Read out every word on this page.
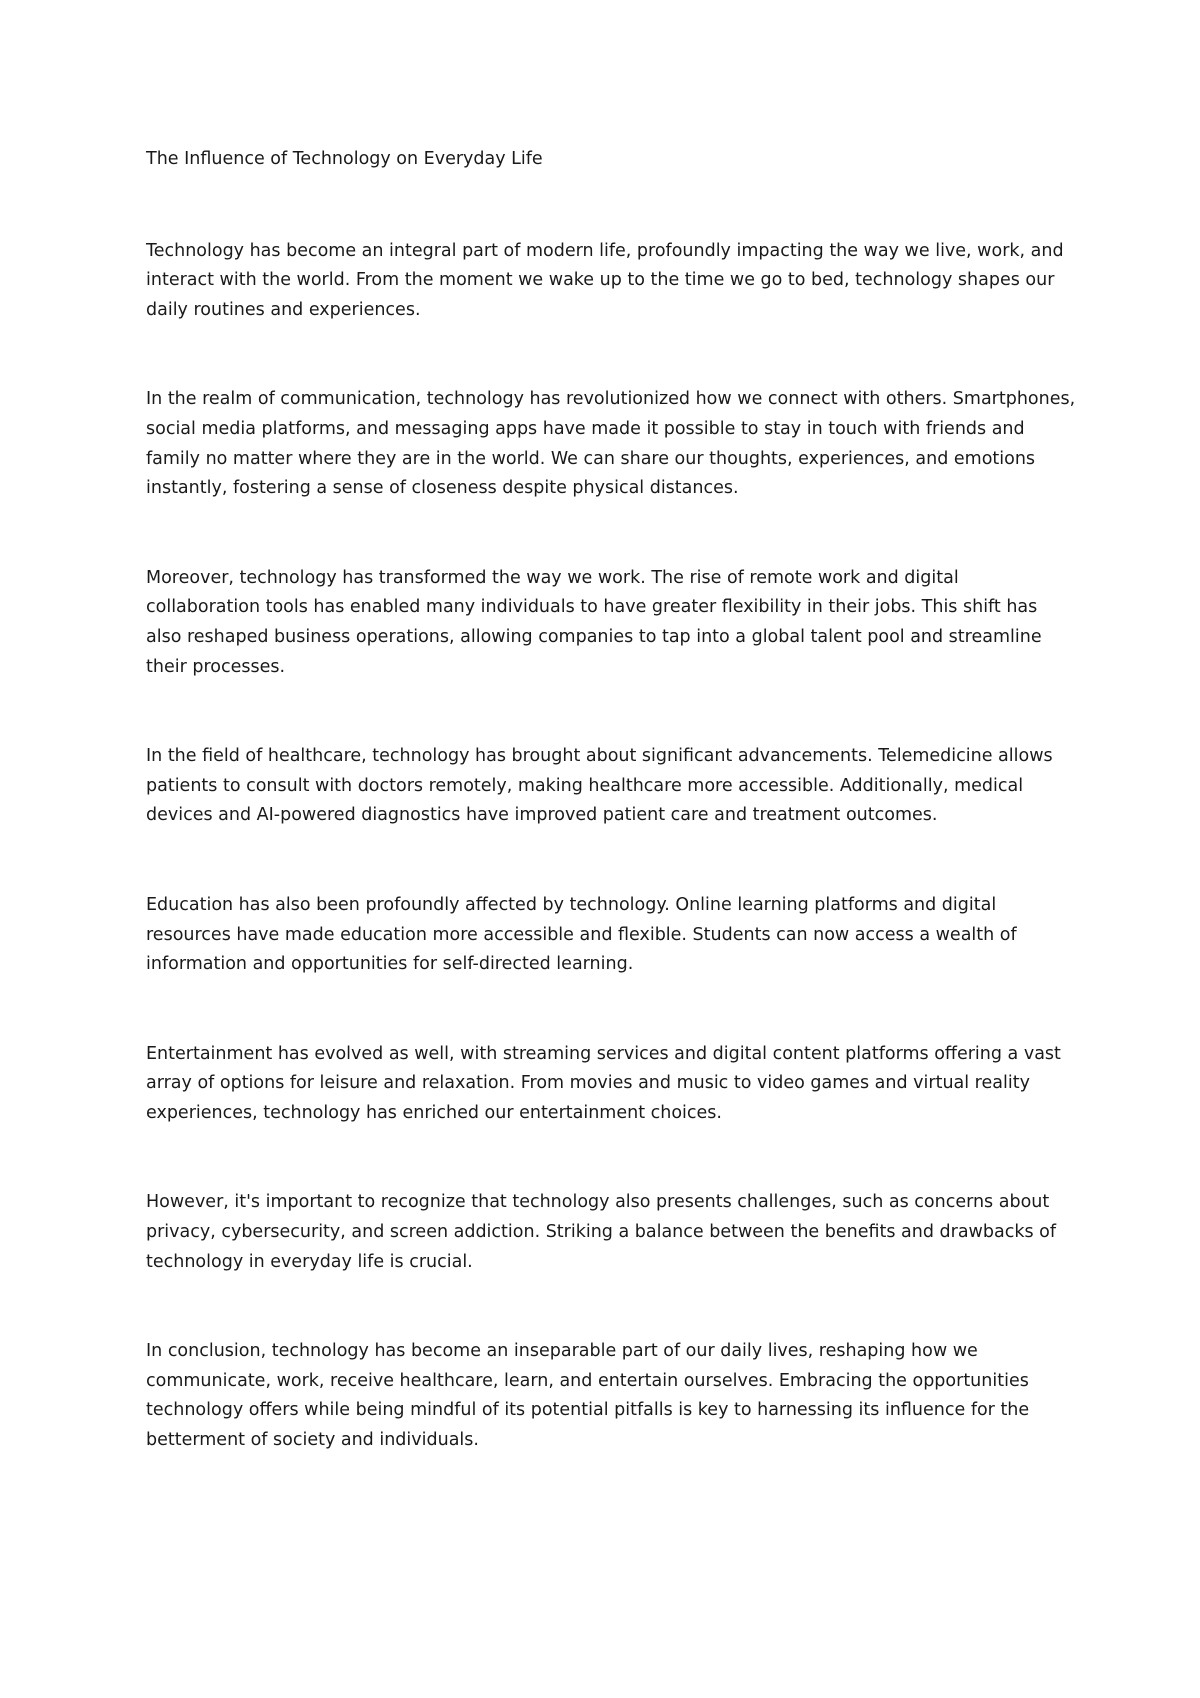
The Influence of Technology on Everyday Life

Technology has become an integral part of modern life, profoundly impacting the way we live, work, and interact with the world. From the moment we wake up to the time we go to bed, technology shapes our daily routines and experiences.

In the realm of communication, technology has revolutionized how we connect with others. Smartphones, social media platforms, and messaging apps have made it possible to stay in touch with friends and family no matter where they are in the world. We can share our thoughts, experiences, and emotions instantly, fostering a sense of closeness despite physical distances.

Moreover, technology has transformed the way we work. The rise of remote work and digital collaboration tools has enabled many individuals to have greater flexibility in their jobs. This shift has also reshaped business operations, allowing companies to tap into a global talent pool and streamline their processes.

In the field of healthcare, technology has brought about significant advancements. Telemedicine allows patients to consult with doctors remotely, making healthcare more accessible. Additionally, medical devices and AI-powered diagnostics have improved patient care and treatment outcomes.

Education has also been profoundly affected by technology. Online learning platforms and digital resources have made education more accessible and flexible. Students can now access a wealth of information and opportunities for self-directed learning.

Entertainment has evolved as well, with streaming services and digital content platforms offering a vast array of options for leisure and relaxation. From movies and music to video games and virtual reality experiences, technology has enriched our entertainment choices.

However, it's important to recognize that technology also presents challenges, such as concerns about privacy, cybersecurity, and screen addiction. Striking a balance between the benefits and drawbacks of technology in everyday life is crucial.

In conclusion, technology has become an inseparable part of our daily lives, reshaping how we communicate, work, receive healthcare, learn, and entertain ourselves. Embracing the opportunities technology offers while being mindful of its potential pitfalls is key to harnessing its influence for the betterment of society and individuals.
